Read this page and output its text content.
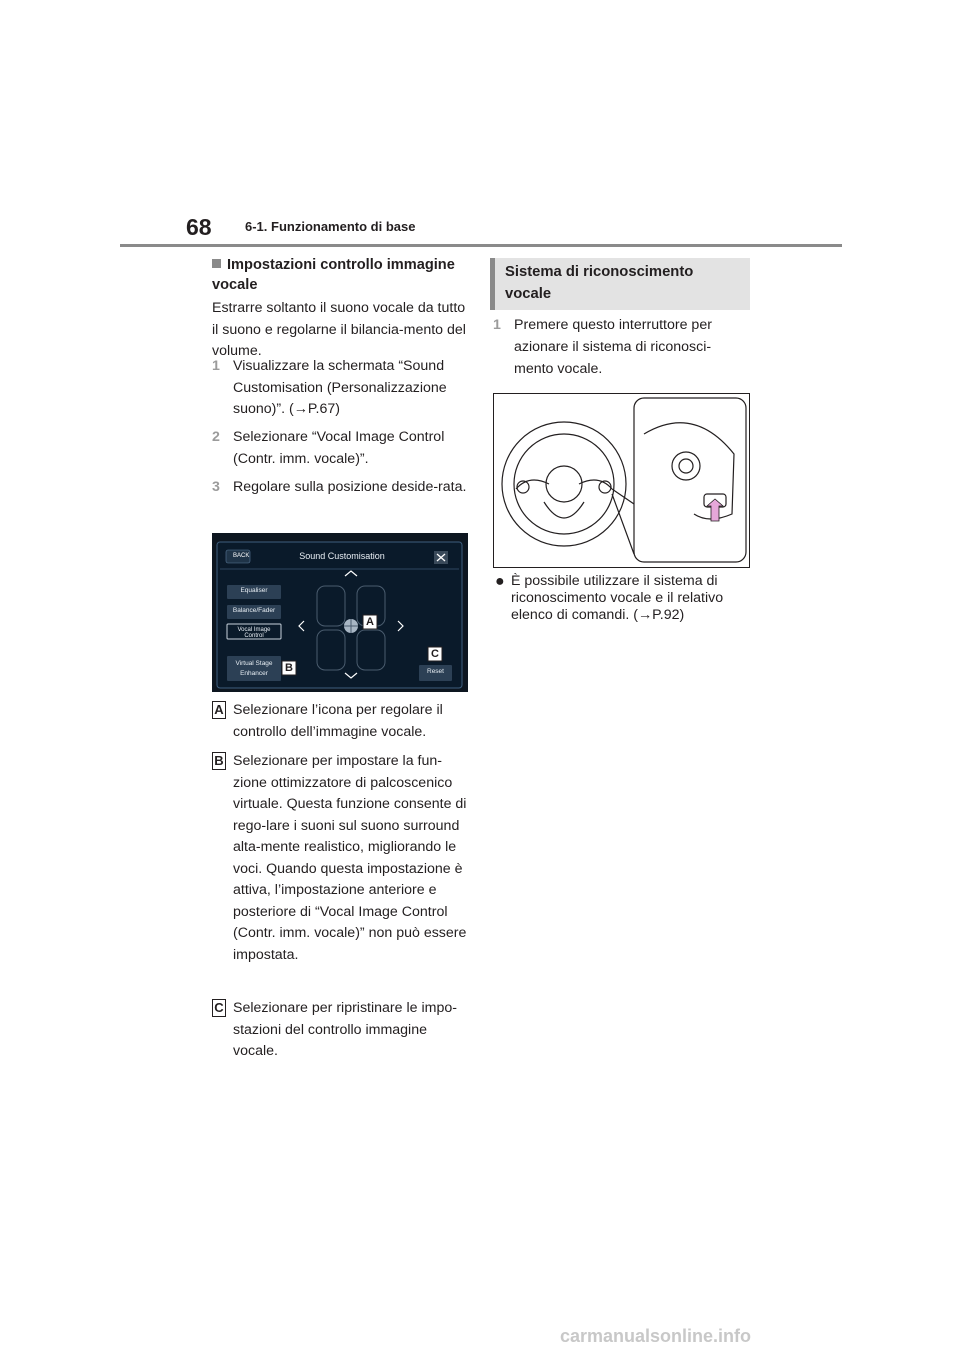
68	6-1. Funzionamento di base
Impostazioni controllo immagine vocale
Estrarre soltanto il suono vocale da tutto il suono e regolarne il bilancia-mento del volume.
1 Visualizzare la schermata “Sound Customisation (Personalizzazione suono)”. (→P.67)
2 Selezionare “Vocal Image Control (Contr. imm. vocale)”.
3 Regolare sulla posizione deside-rata.
BACK	Sound Customisation
Equaliser
Balance/Fader
Vocal Image Control
Virtual Stage
Enhancer	Reset
A
B
C
A Selezionare l’icona per regolare il controllo dell’immagine vocale.
B Selezionare per impostare la fun-zione ottimizzatore di palcoscenico virtuale. Questa funzione consente di rego-lare i suoni sul suono surround alta-mente realistico, migliorando le voci. Quando questa impostazione è attiva, l’impostazione anteriore e posteriore di “Vocal Image Control (Contr. imm. vocale)” non può essere impostata.
C Selezionare per ripristinare le impo-stazioni del controllo immagine vocale.
Sistema di riconoscimento vocale
1 Premere questo interruttore per azionare il sistema di riconosci-mento vocale.
● È possibile utilizzare il sistema di riconoscimento vocale e il relativo elenco di comandi. (→P.92)
carmanualsonline.info
